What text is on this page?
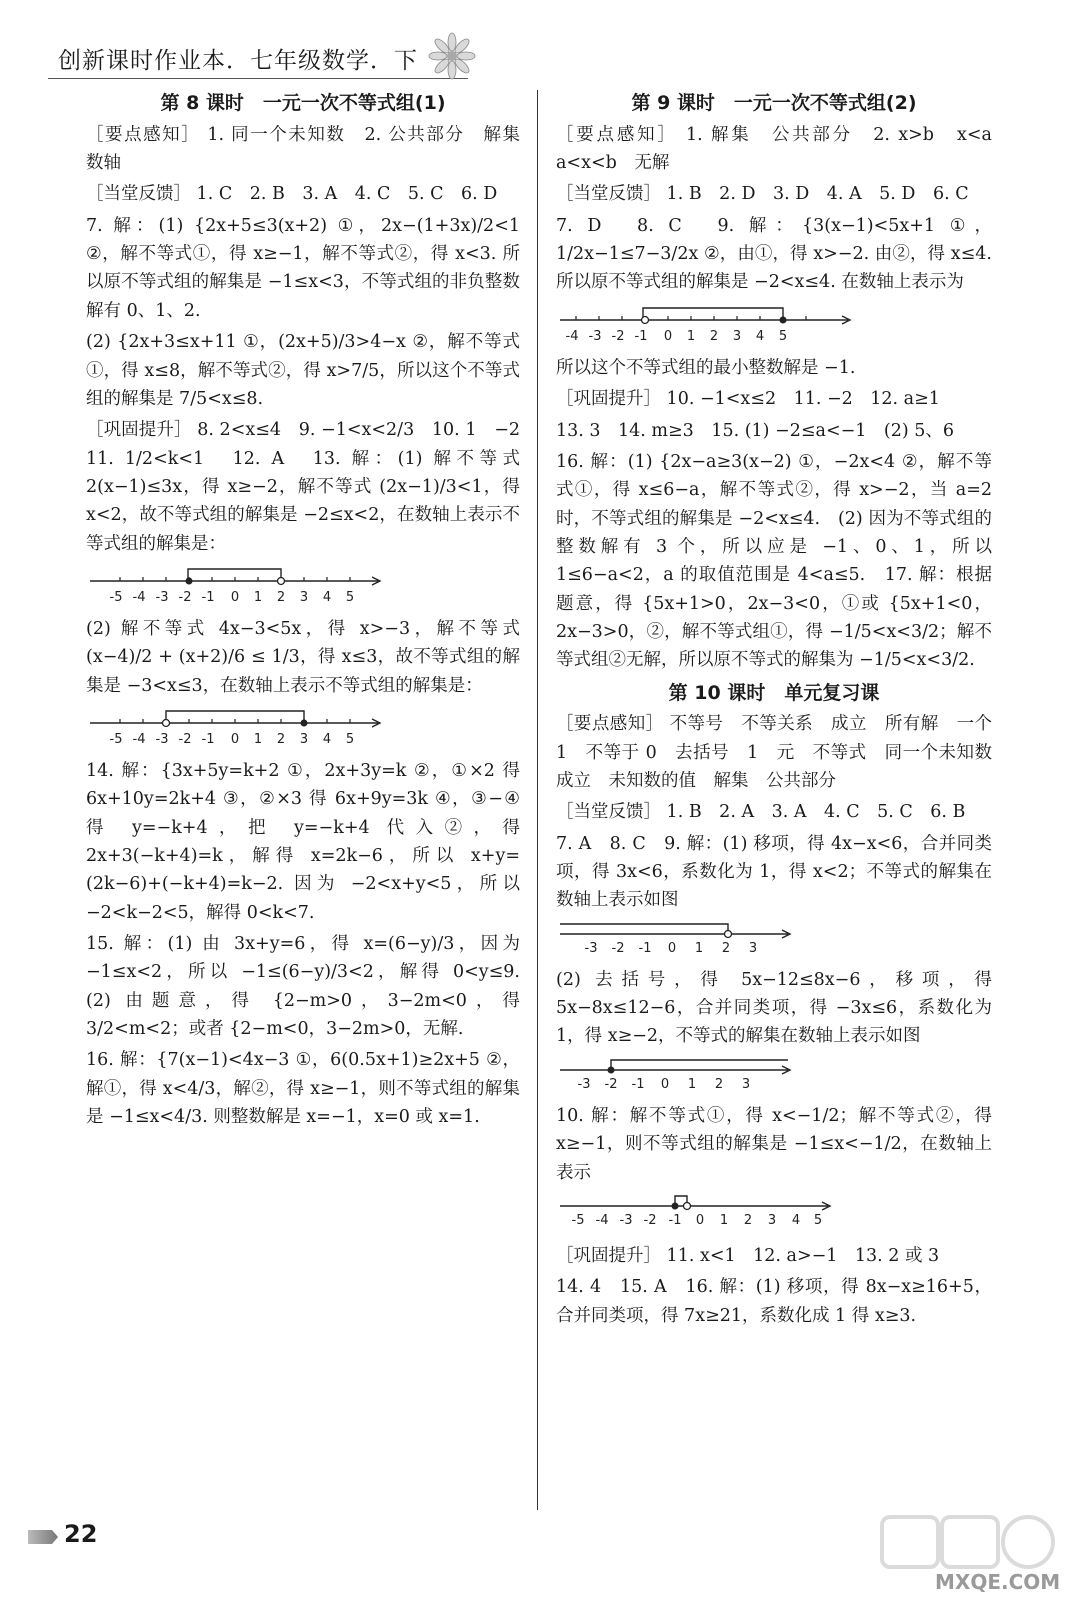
创新课时作业本．七年级数学．下
第 8 课时　一元一次不等式组(1)

［要点感知］ 1. 同一个未知数　2. 公共部分　解集　数轴

［当堂反馈］ 1. C　2. B　3. A　4. C　5. C　6. D

7. 解：(1) {2x+5≤3(x+2) ①，2x−(1+3x)/2<1 ②，解不等式①，得 x≥−1，解不等式②，得 x<3. 所以原不等式组的解集是 −1≤x<3，不等式组的非负整数解有 0、1、2.

(2) {2x+3≤x+11 ①，(2x+5)/3>4−x ②，解不等式①，得 x≤8，解不等式②，得 x>7/5，所以这个不等式组的解集是 7/5<x≤8.

［巩固提升］ 8. 2<x≤4　9. −1<x<2/3　10. 1　−2　11. 1/2<k<1　12. A　13. 解：(1) 解不等式 2(x−1)≤3x，得 x≥−2，解不等式 (2x−1)/3<1，得 x<2，故不等式组的解集是 −2≤x<2，在数轴上表示不等式组的解集是：

-5 -4 -3 -2 -1 0 1 2 3 4 5

(2) 解不等式 4x−3<5x，得 x>−3，解不等式 (x−4)/2 + (x+2)/6 ≤ 1/3，得 x≤3，故不等式组的解集是 −3<x≤3，在数轴上表示不等式组的解集是：

-5 -4 -3 -2 -1 0 1 2 3 4 5

14. 解：{3x+5y=k+2 ①，2x+3y=k ②，①×2 得 6x+10y=2k+4 ③，②×3 得 6x+9y=3k ④，③−④得 y=−k+4，把 y=−k+4 代入②，得 2x+3(−k+4)=k，解得 x=2k−6，所以 x+y=(2k−6)+(−k+4)=k−2. 因为 −2<x+y<5，所以 −2<k−2<5，解得 0<k<7.

15. 解：(1) 由 3x+y=6，得 x=(6−y)/3，因为 −1≤x<2，所以 −1≤(6−y)/3<2，解得 0<y≤9.　(2) 由题意，得 {2−m>0，3−2m<0，得 3/2<m<2；或者 {2−m<0，3−2m>0，无解.

16. 解：{7(x−1)<4x−3 ①，6(0.5x+1)≥2x+5 ②，解①，得 x<4/3，解②，得 x≥−1，则不等式组的解集是 −1≤x<4/3. 则整数解是 x=−1，x=0 或 x=1.

第 9 课时　一元一次不等式组(2)

［要点感知］ 1. 解集　公共部分　2. x>b　x<a　a<x<b　无解

［当堂反馈］ 1. B　2. D　3. D　4. A　5. D　6. C

7. D　8. C　9. 解：{3(x−1)<5x+1 ①，1/2x−1≤7−3/2x ②，由①，得 x>−2. 由②，得 x≤4. 所以原不等式组的解集是 −2<x≤4. 在数轴上表示为

-4 -3 -2 -1 0 1 2 3 4 5

所以这个不等式组的最小整数解是 −1.

［巩固提升］ 10. −1<x≤2　11. −2　12. a≥1

13. 3　14. m≥3　15. (1) −2≤a<−1　(2) 5、6

16. 解：(1) {2x−a≥3(x−2) ①，−2x<4 ②，解不等式①，得 x≤6−a，解不等式②，得 x>−2，当 a=2 时，不等式组的解集是 −2<x≤4.　(2) 因为不等式组的整数解有 3 个，所以应是 −1、0、1，所以 1≤6−a<2，a 的取值范围是 4<a≤5.　17. 解：根据题意，得 {5x+1>0，2x−3<0，①或 {5x+1<0，2x−3>0，②，解不等式组①，得 −1/5<x<3/2；解不等式组②无解，所以原不等式的解集为 −1/5<x<3/2.

第 10 课时　单元复习课

［要点感知］ 不等号　不等关系　成立　所有解　一个　1　不等于 0　去括号　1　元　不等式　同一个未知数　成立　未知数的值　解集　公共部分

［当堂反馈］ 1. B　2. A　3. A　4. C　5. C　6. B

7. A　8. C　9. 解：(1) 移项，得 4x−x<6，合并同类项，得 3x<6，系数化为 1，得 x<2；不等式的解集在数轴上表示如图

-3 -2 -1 0 1 2 3

(2) 去括号，得 5x−12≤8x−6，移项，得 5x−8x≤12−6，合并同类项，得 −3x≤6，系数化为 1，得 x≥−2，不等式的解集在数轴上表示如图

-3 -2 -1 0 1 2 3

10. 解：解不等式①，得 x<−1/2；解不等式②，得 x≥−1，则不等式组的解集是 −1≤x<−1/2，在数轴上表示

-5 -4 -3 -2 -1 0 1 2 3 4 5

［巩固提升］ 11. x<1　12. a>−1　13. 2 或 3

14. 4　15. A　16. 解：(1) 移项，得 8x−x≥16+5，合并同类项，得 7x≥21，系数化成 1 得 x≥3.

22
MXQE.COM
